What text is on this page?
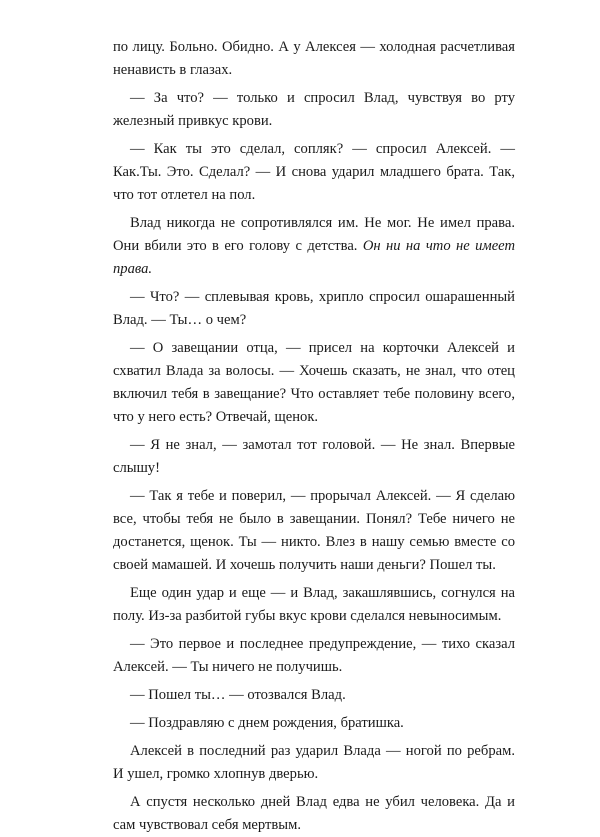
по лицу. Больно. Обидно. А у Алексея — холодная расчетливая ненависть в глазах.

— За что? — только и спросил Влад, чувствуя во рту железный привкус крови.

— Как ты это сделал, сопляк? — спросил Алексей. — Как.Ты. Это. Сделал? — И снова ударил младшего брата. Так, что тот отлетел на пол.

Влад никогда не сопротивлялся им. Не мог. Не имел права. Они вбили это в его голову с детства. Он ни на что не имеет права.

— Что? — сплевывая кровь, хрипло спросил ошарашенный Влад. — Ты… о чем?

— О завещании отца, — присел на корточки Алексей и схватил Влада за волосы. — Хочешь сказать, не знал, что отец включил тебя в завещание? Что оставляет тебе половину всего, что у него есть? Отвечай, щенок.

— Я не знал, — замотал тот головой. — Не знал. Впервые слышу!

— Так я тебе и поверил, — прорычал Алексей. — Я сделаю все, чтобы тебя не было в завещании. Понял? Тебе ничего не достанется, щенок. Ты — никто. Влез в нашу семью вместе со своей мамашей. И хочешь получить наши деньги? Пошел ты.

Еще один удар и еще — и Влад, закашлявшись, согнулся на полу. Из-за разбитой губы вкус крови сделался невыносимым.

— Это первое и последнее предупреждение, — тихо сказал Алексей. — Ты ничего не получишь.

— Пошел ты… — отозвался Влад.

— Поздравляю с днем рождения, братишка.

Алексей в последний раз ударил Влада — ногой по ребрам. И ушел, громко хлопнув дверью.

А спустя несколько дней Влад едва не убил человека. Да и сам чувствовал себя мертвым.
